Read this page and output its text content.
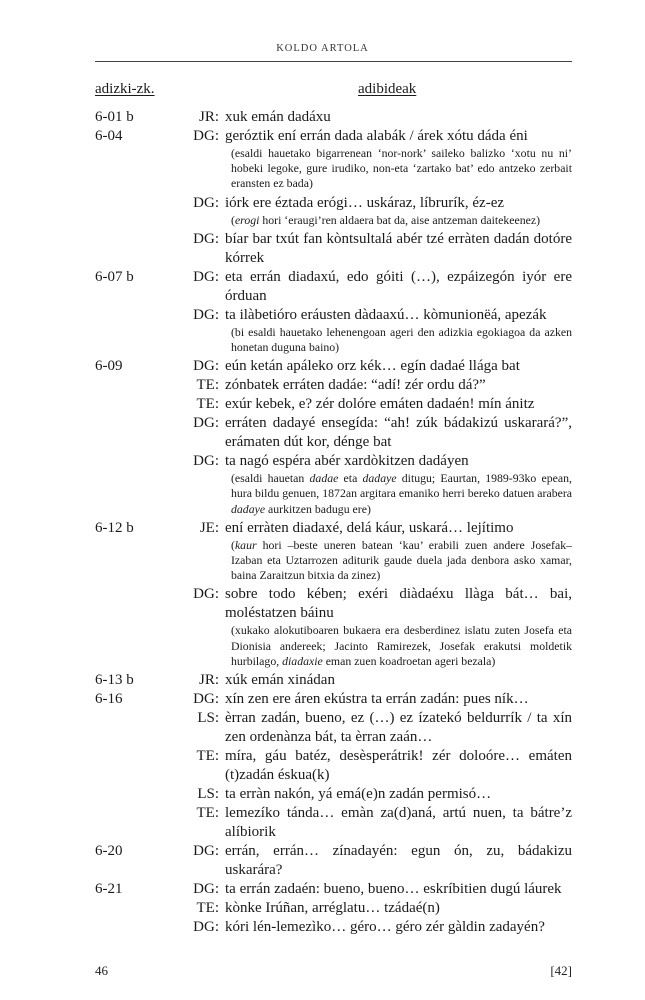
KOLDO ARTOLA
adizki-zk.	adibideak
6-01 b	JR: xuk emán dadáxu
6-04	DG: geróztik ení errán dada alabák / árek xótu dáda éni
(esaldi hauetako bigarrenean ‘nor-nork’ saileko balizko ‘xotu nu ni’ hobeki legoke, gure irudiko, non-eta ‘zartako bat’ edo antzeko zerbait eransten ez bada)
DG: iórk ere éztada erógi… uskáraz, líbrurík, éz-ez
(erogi hori ‘eraugi’ren aldaera bat da, aise antzeman daitekeenez)
DG: bíar bar txút fan kòntsultalá abér tzé erràten dadán dotóre kórrek
6-07 b	DG: eta errán diadaxú, edo góiti (…), ezpáizegón iyór ere órduan
DG: ta ilàbetióro eráusten dàdaaxú… kòmunionëá, apezák
(bi esaldi hauetako lehenengoan ageri den adizkia egokiagoa da azken honetan duguna baino)
6-09	DG: eún ketán apáleko orz kék… egín dadaé llága bat
TE: zónbatek erráten dadáe: “adí! zér ordu dá?”
TE: exúr kebek, e? zér dolóre emáten dadaén! mín ánitz
DG: erráten dadayé ensegída: “ah! zúk bádakizú uskarará?”, erámaten dút kor, dénge bat
DG: ta nagó espéra abér xardòkitzen dadáyen
(esaldi hauetan dadae eta dadaye ditugu; Eaurtan, 1989-93ko epean, hura bildu genuen, 1872an argitara emaniko herri bereko datuen arabera dadaye aurkitzen badugu ere)
6-12 b	JE: ení erràten diadaxé, delá káur, uskará… lejítimo
(kaur hori –beste uneren batean ‘kau’ erabili zuen andere Josefak– Izaban eta Uztarrozen aditurik gaude duela jada denbora asko xamar, baina Zaraitzun bitxia da zinez)
DG: sobre todo kében; exéri diàdaéxu llàga bát… bai, moléstatzen báinu
(xukako alokutiboaren bukaera era desberdinez islatu zuten Josefa eta Dionisia andereek; Jacinto Ramirezek, Josefak erakutsi moldetik hurbilago, diadaxie eman zuen koadroetan ageri bezala)
6-13 b	JR: xúk emán xinádan
6-16	DG: xín zen ere áren ekústra ta errán zadán: pues ník…
LS: èrran zadán, bueno, ez (…) ez ízatekó beldurrík / ta xín zen ordenànza bát, ta èrran zaán…
TE: míra, gáu batéz, desèsperátrik! zér doloóre… emáten (t)zadán éskua(k)
LS: ta erràn nakón, yá emá(e)n zadán permisó…
TE: lemezíko tánda… emàn za(d)aná, artú nuen, ta bátre’z alíbiorik
6-20	DG: errán, errán… zínadayén: egun ón, zu, bádakizu uskarára?
6-21	DG: ta errán zadaén: bueno, bueno… eskríbitien dugú láurek
TE: kònke Irúñan, arréglatu… tzádaé(n)
DG: kóri lén-lemezìko… géro… géro zér gàldin zadayén?
46	[42]
